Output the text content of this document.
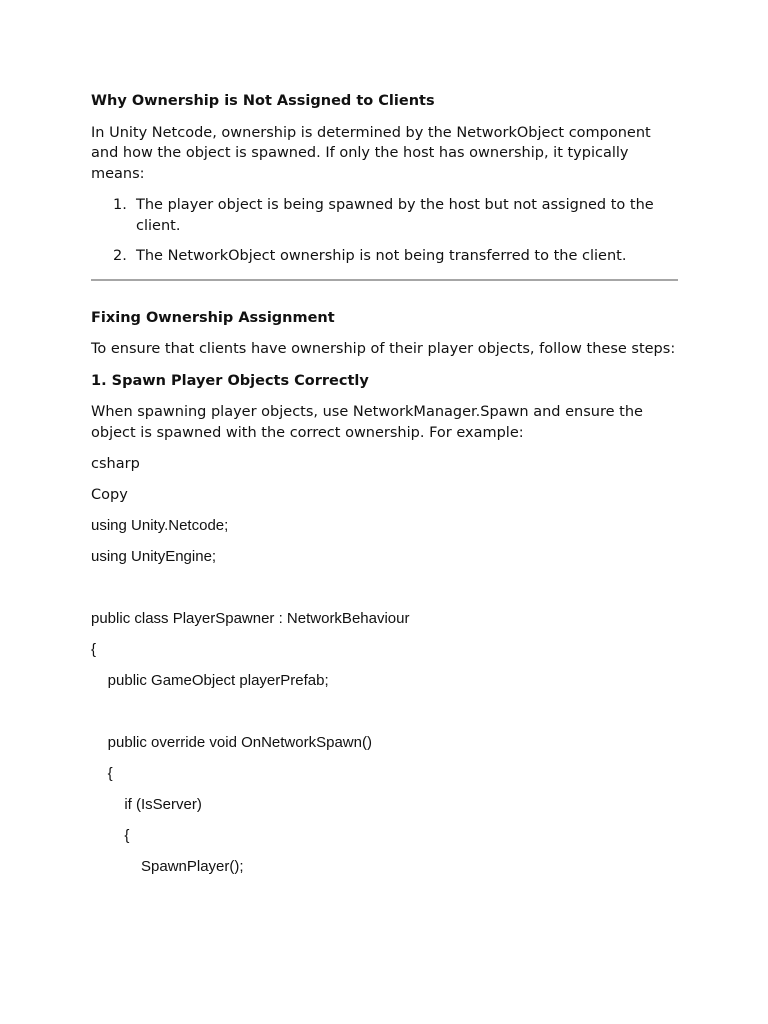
Why Ownership is Not Assigned to Clients

In Unity Netcode, ownership is determined by the NetworkObject component and how the object is spawned. If only the host has ownership, it typically means:

1. The player object is being spawned by the host but not assigned to the client.
2. The NetworkObject ownership is not being transferred to the client.
Fixing Ownership Assignment

To ensure that clients have ownership of their player objects, follow these steps:

1. Spawn Player Objects Correctly

When spawning player objects, use NetworkManager.Spawn and ensure the object is spawned with the correct ownership. For example:

csharp

Copy

using Unity.Netcode;

using UnityEngine;

public class PlayerSpawner : NetworkBehaviour

{

public GameObject playerPrefab;

public override void OnNetworkSpawn()

{

if (IsServer)

{

SpawnPlayer();
